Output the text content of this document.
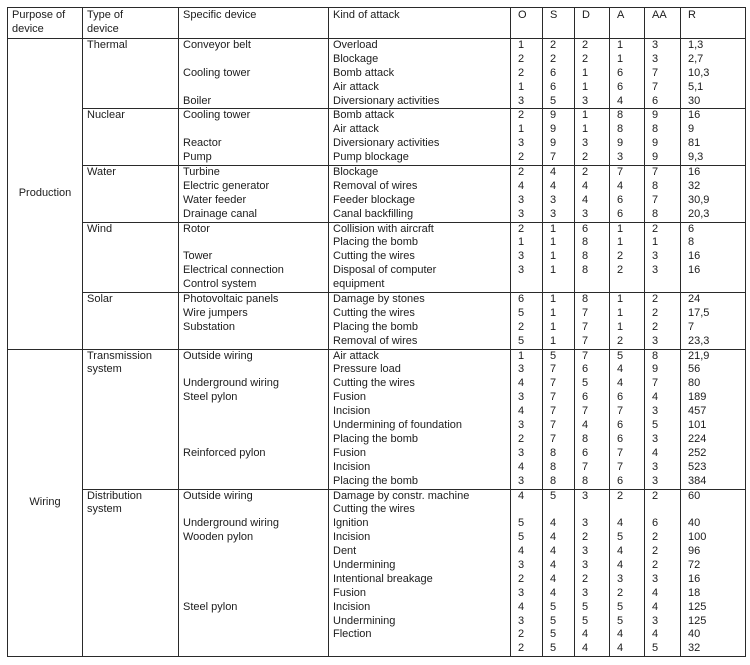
Purpose of device	Type of device	Specific device	Kind of attack	O	S	D	A	AA	R
Production	Thermal	Conveyor belt	Overload	1	2	2	1	3	1,3
			Blockage	2	2	2	1	3	2,7
		Cooling tower	Bomb attack	2	6	1	6	7	10,3
			Air attack	1	6	1	6	7	5,1
		Boiler	Diversionary activities	3	5	3	4	6	30
	Nuclear	Cooling tower	Bomb attack	2	9	1	8	9	16
			Air attack	1	9	1	8	8	9
		Reactor	Diversionary activities	3	9	3	9	9	81
		Pump	Pump blockage	2	7	2	3	9	9,3
	Water	Turbine	Blockage	2	4	2	7	7	16
		Electric generator	Removal of wires	4	4	4	4	8	32
		Water feeder	Feeder blockage	3	3	4	6	7	30,9
		Drainage canal	Canal backfilling	3	3	3	6	8	20,3
	Wind	Rotor	Collision with aircraft	2	1	6	1	2	6
			Placing the bomb	1	1	8	1	1	8
		Tower	Cutting the wires	3	1	8	2	3	16
		Electrical connection	Disposal of computer	3	1	8	2	3	16
		Control system	equipment						
	Solar	Photovoltaic panels	Damage by stones	6	1	8	1	2	24
		Wire jumpers	Cutting the wires	5	1	7	1	2	17,5
		Substation	Placing the bomb	2	1	7	1	2	7
			Removal of wires	5	1	7	2	3	23,3
Wiring	Transmission system	Outside wiring	Air attack	1	5	7	5	8	21,9
			Pressure load	3	7	6	4	9	56
		Underground wiring	Cutting the wires	4	7	5	4	7	80
		Steel pylon	Fusion	3	7	6	6	4	189
			Incision	4	7	7	7	3	457
			Undermining of foundation	3	7	4	6	5	101
			Placing the bomb	2	7	8	6	3	224
		Reinforced pylon	Fusion	3	8	6	7	4	252
			Incision	4	8	7	7	3	523
			Placing the bomb	3	8	8	6	3	384
	Distribution system	Outside wiring	Damage by constr. machine	4	5	3	2	2	60
			Cutting the wires						
		Underground wiring	Ignition	5	4	3	4	6	40
		Wooden pylon	Incision	5	4	2	5	2	100
			Dent	4	4	3	4	2	96
			Undermining	3	4	3	4	2	72
			Intentional breakage	2	4	2	3	3	16
			Fusion	3	4	3	2	4	18
		Steel pylon	Incision	4	5	5	5	4	125
			Undermining	3	5	5	5	3	125
			Flection	2	5	4	4	4	40
				2	5	4	4	5	32
